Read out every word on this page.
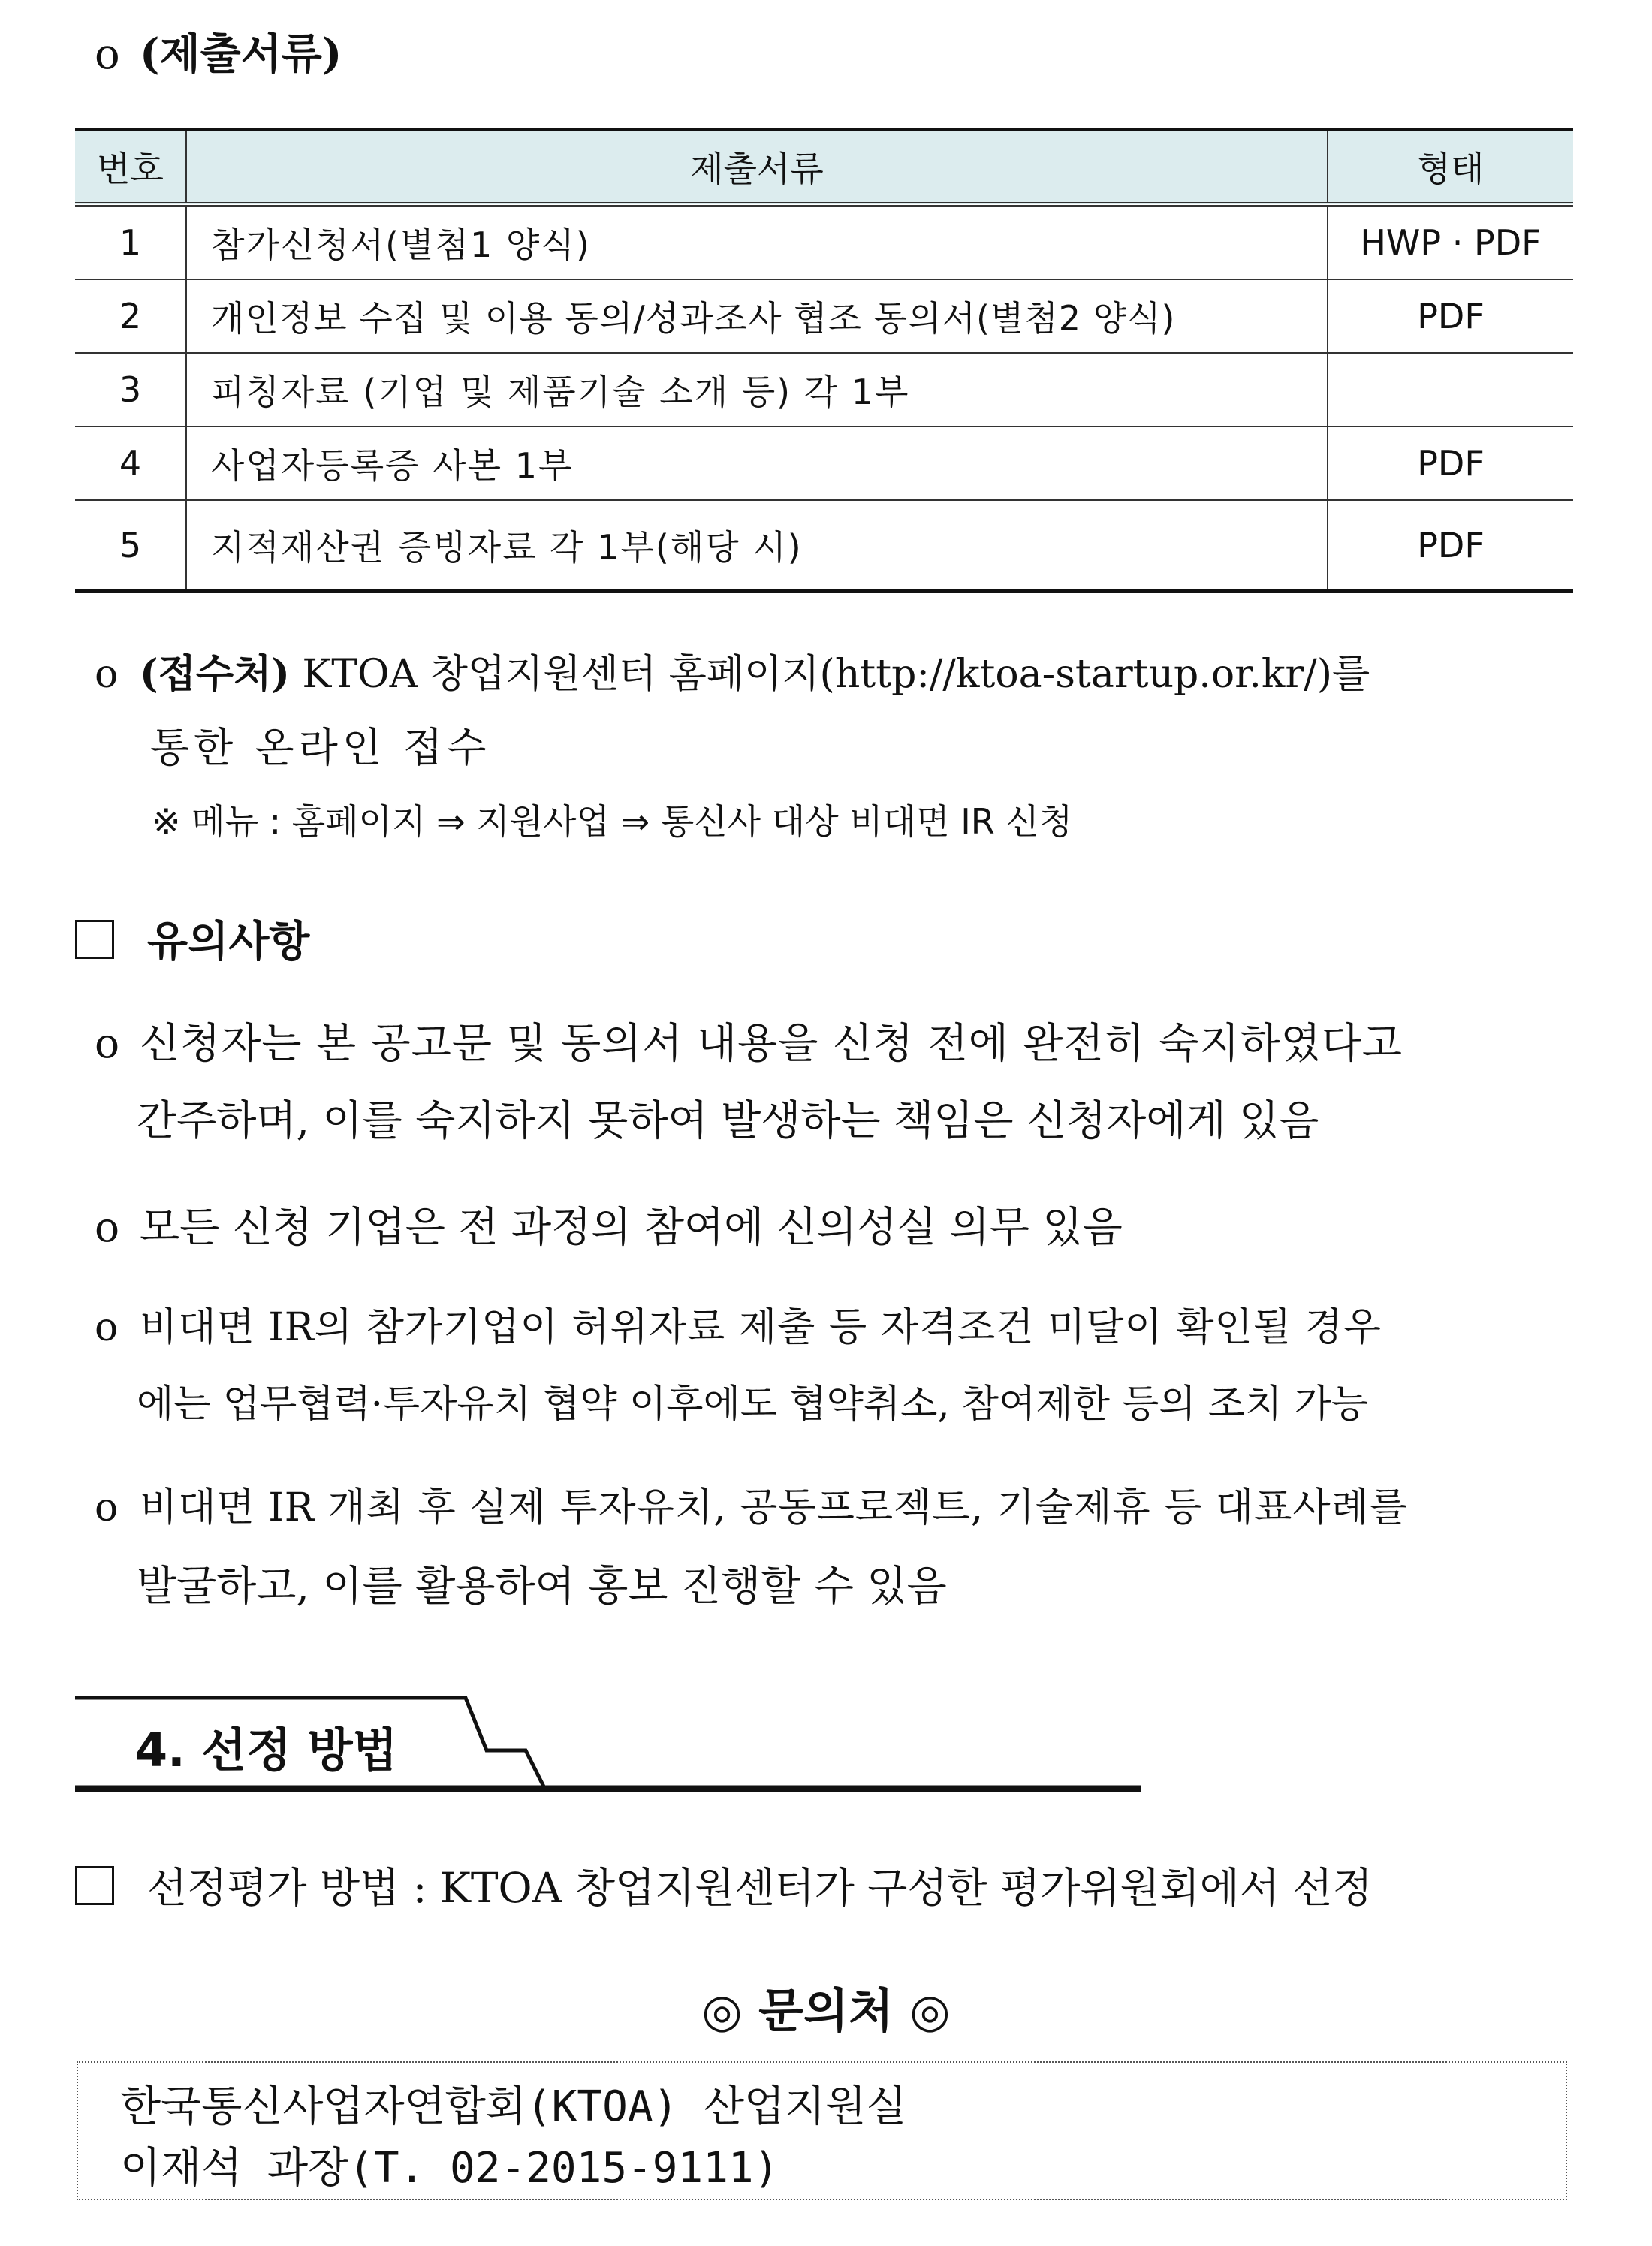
o (제출서류)
번호	제출서류	형태
1	참가신청서(별첨1 양식)	HWP · PDF
2	개인정보 수집 및 이용 동의/성과조사 협조 동의서(별첨2 양식)	PDF
3	피칭자료 (기업 및 제품기술 소개 등) 각 1부	
4	사업자등록증 사본 1부	PDF
5	지적재산권 증빙자료 각 1부(해당 시)	PDF
o (접수처) KTOA 창업지원센터 홈페이지(http://ktoa-startup.or.kr/)를
통한 온라인 접수
※ 메뉴 : 홈페이지 ⇒ 지원사업 ⇒ 통신사 대상 비대면 IR 신청
유의사항
o 신청자는 본 공고문 및 동의서 내용을 신청 전에 완전히 숙지하였다고
간주하며, 이를 숙지하지 못하여 발생하는 책임은 신청자에게 있음
o 모든 신청 기업은 전 과정의 참여에 신의성실 의무 있음
o 비대면 IR의 참가기업이 허위자료 제출 등 자격조건 미달이 확인될 경우
에는 업무협력·투자유치 협약 이후에도 협약취소, 참여제한 등의 조치 가능
o 비대면 IR 개최 후 실제 투자유치, 공동프로젝트, 기술제휴 등 대표사례를
발굴하고, 이를 활용하여 홍보 진행할 수 있음
4. 선정 방법
선정평가 방법 : KTOA 창업지원센터가 구성한 평가위원회에서 선정
◎ 문의처 ◎
한국통신사업자연합회(KTOA) 산업지원실
이재석 과장(T. 02-2015-9111)
